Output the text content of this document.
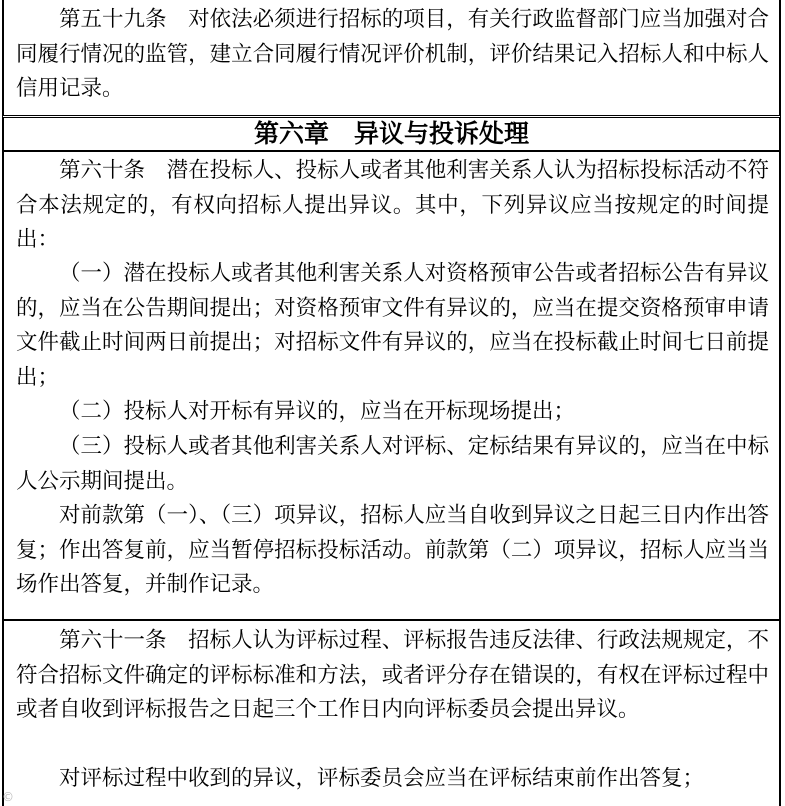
第五十九条　对依法必须进行招标的项目，有关行政监督部门应当加强对合同履行情况的监管，建立合同履行情况评价机制，评价结果记入招标人和中标人信用记录。

第六章　异议与投诉处理

第六十条　潜在投标人、投标人或者其他利害关系人认为招标投标活动不符合本法规定的，有权向招标人提出异议。其中，下列异议应当按规定的时间提出：

（一）潜在投标人或者其他利害关系人对资格预审公告或者招标公告有异议的，应当在公告期间提出；对资格预审文件有异议的，应当在提交资格预审申请文件截止时间两日前提出；对招标文件有异议的，应当在投标截止时间七日前提出；

（二）投标人对开标有异议的，应当在开标现场提出；

（三）投标人或者其他利害关系人对评标、定标结果有异议的，应当在中标人公示期间提出。

对前款第（一）、（三）项异议，招标人应当自收到异议之日起三日内作出答复；作出答复前，应当暂停招标投标活动。前款第（二）项异议，招标人应当当场作出答复，并制作记录。

第六十一条　招标人认为评标过程、评标报告违反法律、行政法规规定，不符合招标文件确定的评标标准和方法，或者评分存在错误的，有权在评标过程中或者自收到评标报告之日起三个工作日内向评标委员会提出异议。

对评标过程中收到的异议，评标委员会应当在评标结束前作出答复；

©
